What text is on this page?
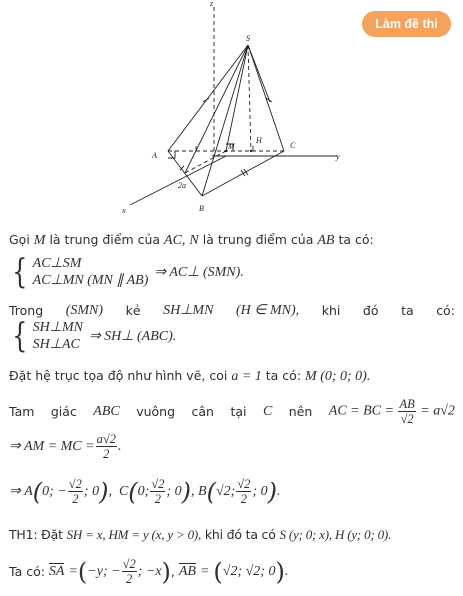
Làm đề thi
z
S
H
M
A
C
y
B
x
2a
Gọi M là trung điểm của AC, N là trung điểm của AB ta có:
{ AC⊥SM
AC⊥MN (MN ∥ AB)
⇒ AC⊥ (SMN).
Trong (SMN) kẻ SH⊥MN (H ∈ MN), khi đó ta có:
{ SH⊥MN
SH⊥AC
⇒ SH⊥ (ABC).
Đặt hệ trục tọa độ như hình vẽ, coi a = 1 ta có: M (0; 0; 0).
Tam giác ABC vuông cân tại C nên AC = BC = $\frac{AB}{√2} = a√2$
⇒ AM = MC = $\frac{a√2}{2}$ .
⇒
A ( 0; − $\frac{√2}{2}$ ; 0 ) , C ( 0; $\frac{√2}{2}$ ; 0 ) , B ( √2; $\frac{√2}{2}$ ; 0 ) .
TH1: Đặt SH = x, HM = y (x, y > 0), khi đó ta có S (y; 0; x), H (y; 0; 0).
Ta có:
SA
= ( −y; − $\frac{√2}{2}$ ; −x ) , AB
=
( √2; √2; 0 ) .
